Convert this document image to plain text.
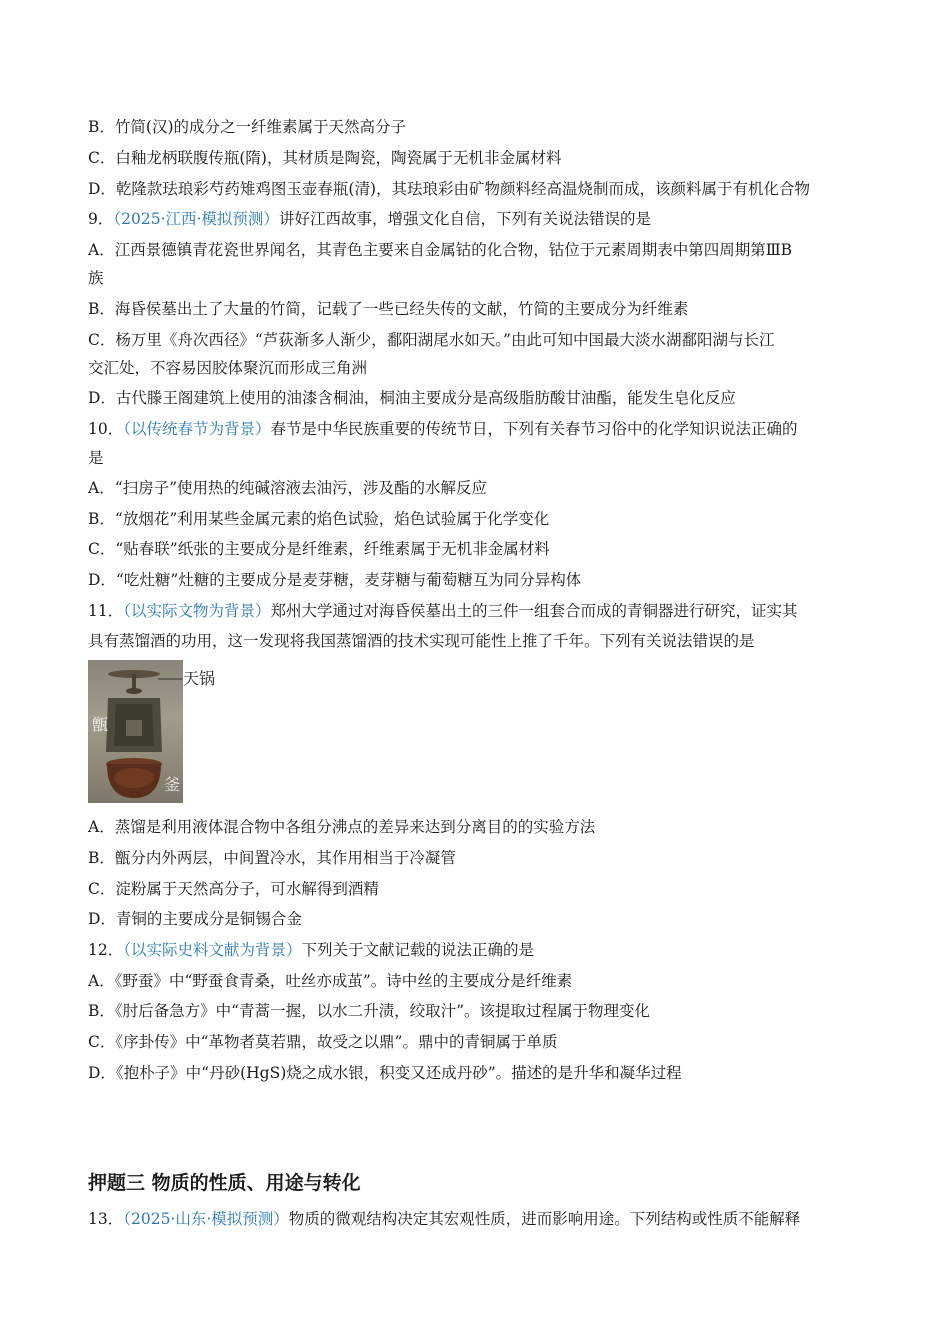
B．竹简(汉)的成分之一纤维素属于天然高分子
C．白釉龙柄联腹传瓶(隋)，其材质是陶瓷，陶瓷属于无机非金属材料
D．乾隆款珐琅彩芍药雉鸡图玉壶春瓶(清)，其珐琅彩由矿物颜料经高温烧制而成，该颜料属于有机化合物
9．（2025·江西·模拟预测）讲好江西故事，增强文化自信，下列有关说法错误的是
A．江西景德镇青花瓷世界闻名，其青色主要来自金属钴的化合物，钴位于元素周期表中第四周期第ⅢB
族
B．海昏侯墓出土了大量的竹简，记载了一些已经失传的文献，竹简的主要成分为纤维素
C．杨万里《舟次西径》“芦荻渐多人渐少，鄱阳湖尾水如天。”由此可知中国最大淡水湖鄱阳湖与长江
交汇处，不容易因胶体聚沉而形成三角洲
D．古代滕王阁建筑上使用的油漆含桐油，桐油主要成分是高级脂肪酸甘油酯，能发生皂化反应
10．（以传统春节为背景）春节是中华民族重要的传统节日，下列有关春节习俗中的化学知识说法正确的
是
A．“扫房子”使用热的纯碱溶液去油污，涉及酯的水解反应
B．“放烟花”利用某些金属元素的焰色试验，焰色试验属于化学变化
C．“贴春联”纸张的主要成分是纤维素，纤维素属于无机非金属材料
D．“吃灶糖”灶糖的主要成分是麦芽糖，麦芽糖与葡萄糖互为同分异构体
11．（以实际文物为背景）郑州大学通过对海昏侯墓出土的三件一组套合而成的青铜器进行研究，证实其
具有蒸馏酒的功用，这一发现将我国蒸馏酒的技术实现可能性上推了千年。下列有关说法错误的是
天锅
甑
釜
A．蒸馏是利用液体混合物中各组分沸点的差异来达到分离目的的实验方法
B．甑分内外两层，中间置冷水，其作用相当于冷凝管
C．淀粉属于天然高分子，可水解得到酒精
D．青铜的主要成分是铜锡合金
12．（以实际史料文献为背景）下列关于文献记载的说法正确的是
A．《野蚕》中“野蚕食青桑，吐丝亦成茧”。诗中丝的主要成分是纤维素
B．《肘后备急方》中“青蒿一握，以水二升渍，绞取汁”。该提取过程属于物理变化
C．《序卦传》中“革物者莫若鼎，故受之以鼎”。鼎中的青铜属于单质
D．《抱朴子》中“丹砂(HgS)烧之成水银，积变又还成丹砂”。描述的是升华和凝华过程
押题三 物质的性质、用途与转化
13．（2025·山东·模拟预测）物质的微观结构决定其宏观性质，进而影响用途。下列结构或性质不能解释
